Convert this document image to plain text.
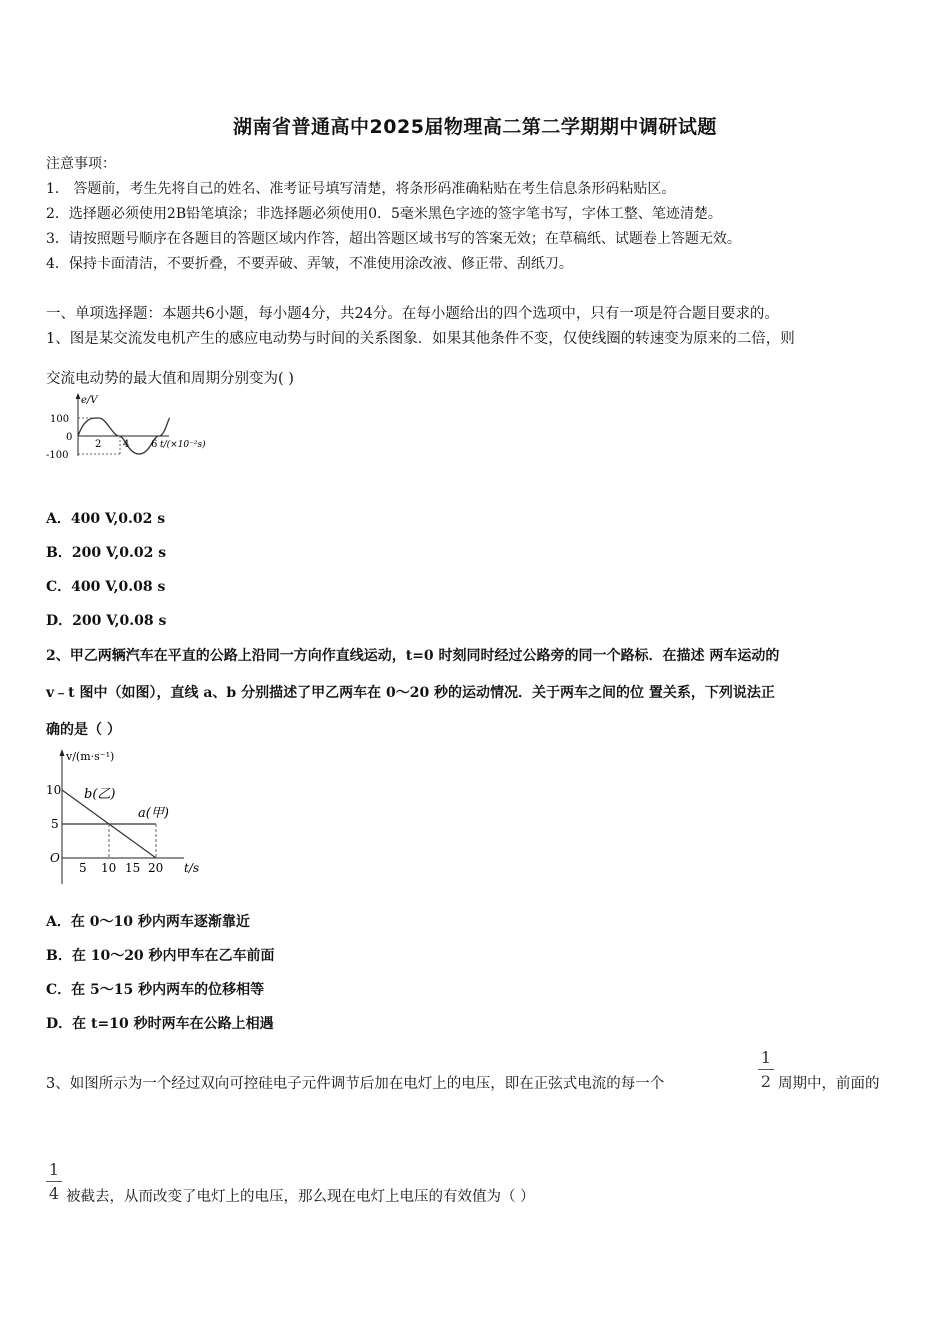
湖南省普通高中2025届物理高二第二学期期中调研试题
注意事项：
1． 答题前，考生先将自己的姓名、准考证号填写清楚，将条形码准确粘贴在考生信息条形码粘贴区。
2．选择题必须使用2B铅笔填涂；非选择题必须使用0．5毫米黑色字迹的签字笔书写，字体工整、笔迹清楚。
3．请按照题号顺序在各题目的答题区域内作答，超出答题区域书写的答案无效；在草稿纸、试题卷上答题无效。
4．保持卡面清洁，不要折叠，不要弄破、弄皱，不准使用涂改液、修正带、刮纸刀。
一、单项选择题：本题共6小题，每小题4分，共24分。在每小题给出的四个选项中，只有一项是符合题目要求的。
1、图是某交流发电机产生的感应电动势与时间的关系图象．如果其他条件不变，仅使线圈的转速变为原来的二倍，则
交流电动势的最大值和周期分别变为( )
e/V
100
0
-100
2 4 6 t/(×10⁻²s)
A．400 V,0.02 s
B．200 V,0.02 s
C．400 V,0.08 s
D．200 V,0.08 s
2、甲乙两辆汽车在平直的公路上沿同一方向作直线运动，t=0 时刻同时经过公路旁的同一个路标．在描述 两车运动的
v﹣t 图中（如图），直线 a、b 分别描述了甲乙两车在 0～20 秒的运动情况．关于两车之间的位 置关系，下列说法正
确的是（ ）
v/(m·s⁻¹)
10
5
O
5 10 15 20 t/s
b(乙)
a(甲)
A．在 0～10 秒内两车逐渐靠近
B．在 10～20 秒内甲车在乙车前面
C．在 5～15 秒内两车的位移相等
D．在 t=10 秒时两车在公路上相遇
3、如图所示为一个经过双向可控硅电子元件调节后加在电灯上的电压，即在正弦式电流的每一个
1
2 周期中，前面的
1
4 被截去，从而改变了电灯上的电压，那么现在电灯上电压的有效值为（ ）
